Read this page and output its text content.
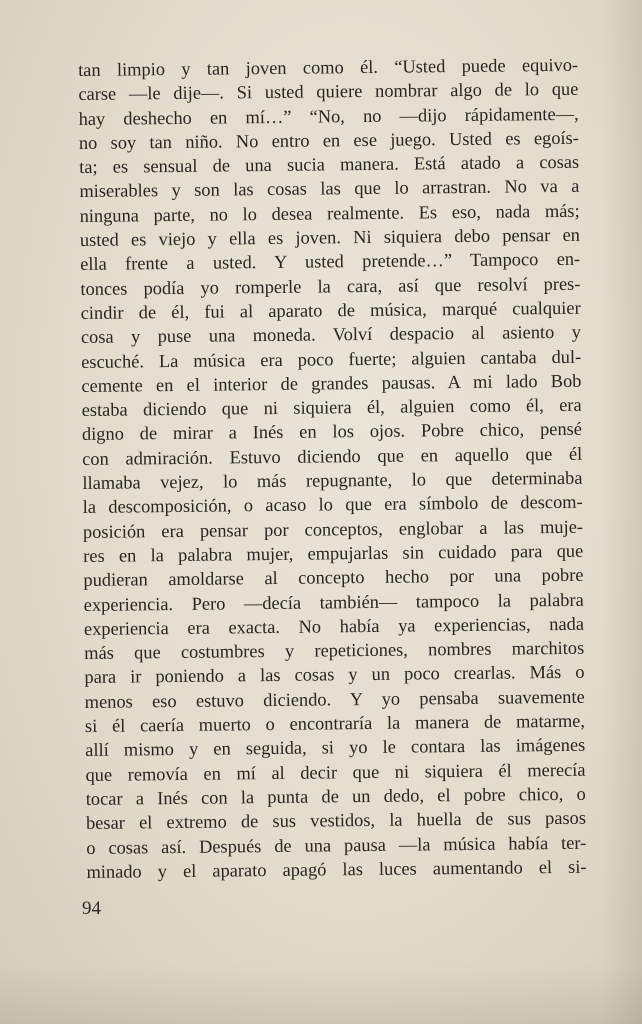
tan limpio y tan joven como él. “Usted puede equivo-
carse —le dije—. Si usted quiere nombrar algo de lo que
hay deshecho en mí…” “No, no —dijo rápidamente—,
no soy tan niño. No entro en ese juego. Usted es egoís-
ta; es sensual de una sucia manera. Está atado a cosas
miserables y son las cosas las que lo arrastran. No va a
ninguna parte, no lo desea realmente. Es eso, nada más;
usted es viejo y ella es joven. Ni siquiera debo pensar en
ella frente a usted. Y usted pretende…” Tampoco en-
tonces podía yo romperle la cara, así que resolví pres-
cindir de él, fui al aparato de música, marqué cualquier
cosa y puse una moneda. Volví despacio al asiento y
escuché. La música era poco fuerte; alguien cantaba dul-
cemente en el interior de grandes pausas. A mi lado Bob
estaba diciendo que ni siquiera él, alguien como él, era
digno de mirar a Inés en los ojos. Pobre chico, pensé
con admiración. Estuvo diciendo que en aquello que él
llamaba vejez, lo más repugnante, lo que determinaba
la descomposición, o acaso lo que era símbolo de descom-
posición era pensar por conceptos, englobar a las muje-
res en la palabra mujer, empujarlas sin cuidado para que
pudieran amoldarse al concepto hecho por una pobre
experiencia. Pero —decía también— tampoco la palabra
experiencia era exacta. No había ya experiencias, nada
más que costumbres y repeticiones, nombres marchitos
para ir poniendo a las cosas y un poco crearlas. Más o
menos eso estuvo diciendo. Y yo pensaba suavemente
si él caería muerto o encontraría la manera de matarme,
allí mismo y en seguida, si yo le contara las imágenes
que removía en mí al decir que ni siquiera él merecía
tocar a Inés con la punta de un dedo, el pobre chico, o
besar el extremo de sus vestidos, la huella de sus pasos
o cosas así. Después de una pausa —la música había ter-
minado y el aparato apagó las luces aumentando el si-
94
